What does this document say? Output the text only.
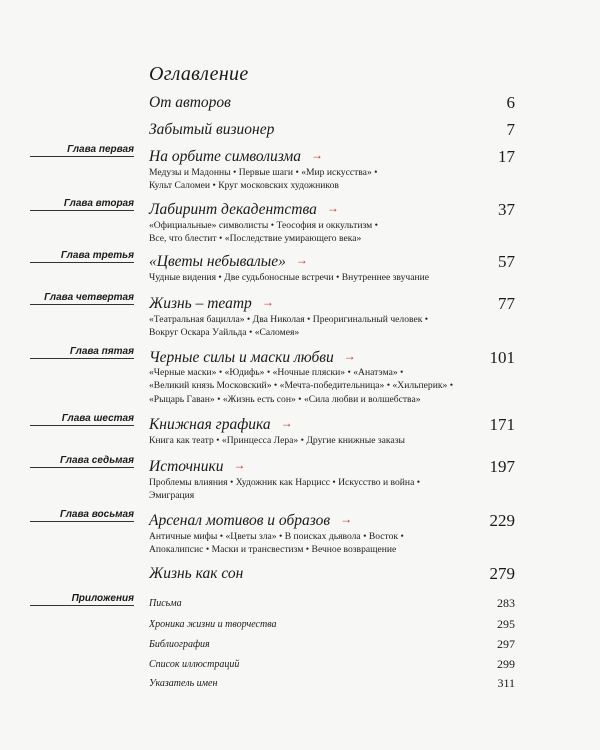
Оглавление
От авторов	6
Забытый визионер	7
Глава первая На орбите символизма →	17
Медузы и Мадонны • Первые шаги • «Мир искусства» •
Культ Саломеи • Круг московских художников
Глава вторая Лабиринт декадентства →	37
«Официальные» символисты • Теософия и оккультизм •
Все, что блестит • «Последствие умирающего века»
Глава третья «Цветы небывалые» →	57
Чудные видения • Две судьбоносные встречи • Внутреннее звучание
Глава четвертая Жизнь – театр →	77
«Театральная бацилла» • Два Николая • Преоригинальный человек •
Вокруг Оскара Уайльда • «Саломея»
Глава пятая Черные силы и маски любви →	101
«Черные маски» • «Юдифь» • «Ночные пляски» • «Анатэма» •
«Великий князь Московский» • «Мечта-победительница» • «Хильперик» •
«Рыцарь Гаван» • «Жизнь есть сон» • «Сила любви и волшебства»
Глава шестая Книжная графика →	171
Книга как театр • «Принцесса Лера» • Другие книжные заказы
Глава седьмая Источники →	197
Проблемы влияния • Художник как Нарцисс • Искусство и война •
Эмиграция
Глава восьмая Арсенал мотивов и образов →	229
Античные мифы • «Цветы зла» • В поисках дьявола • Восток •
Апокалипсис • Маски и трансвестизм • Вечное возвращение
Жизнь как сон	279
Приложения Письма	283
Хроника жизни и творчества	295
Библиография	297
Список иллюстраций	299
Указатель имен	311
